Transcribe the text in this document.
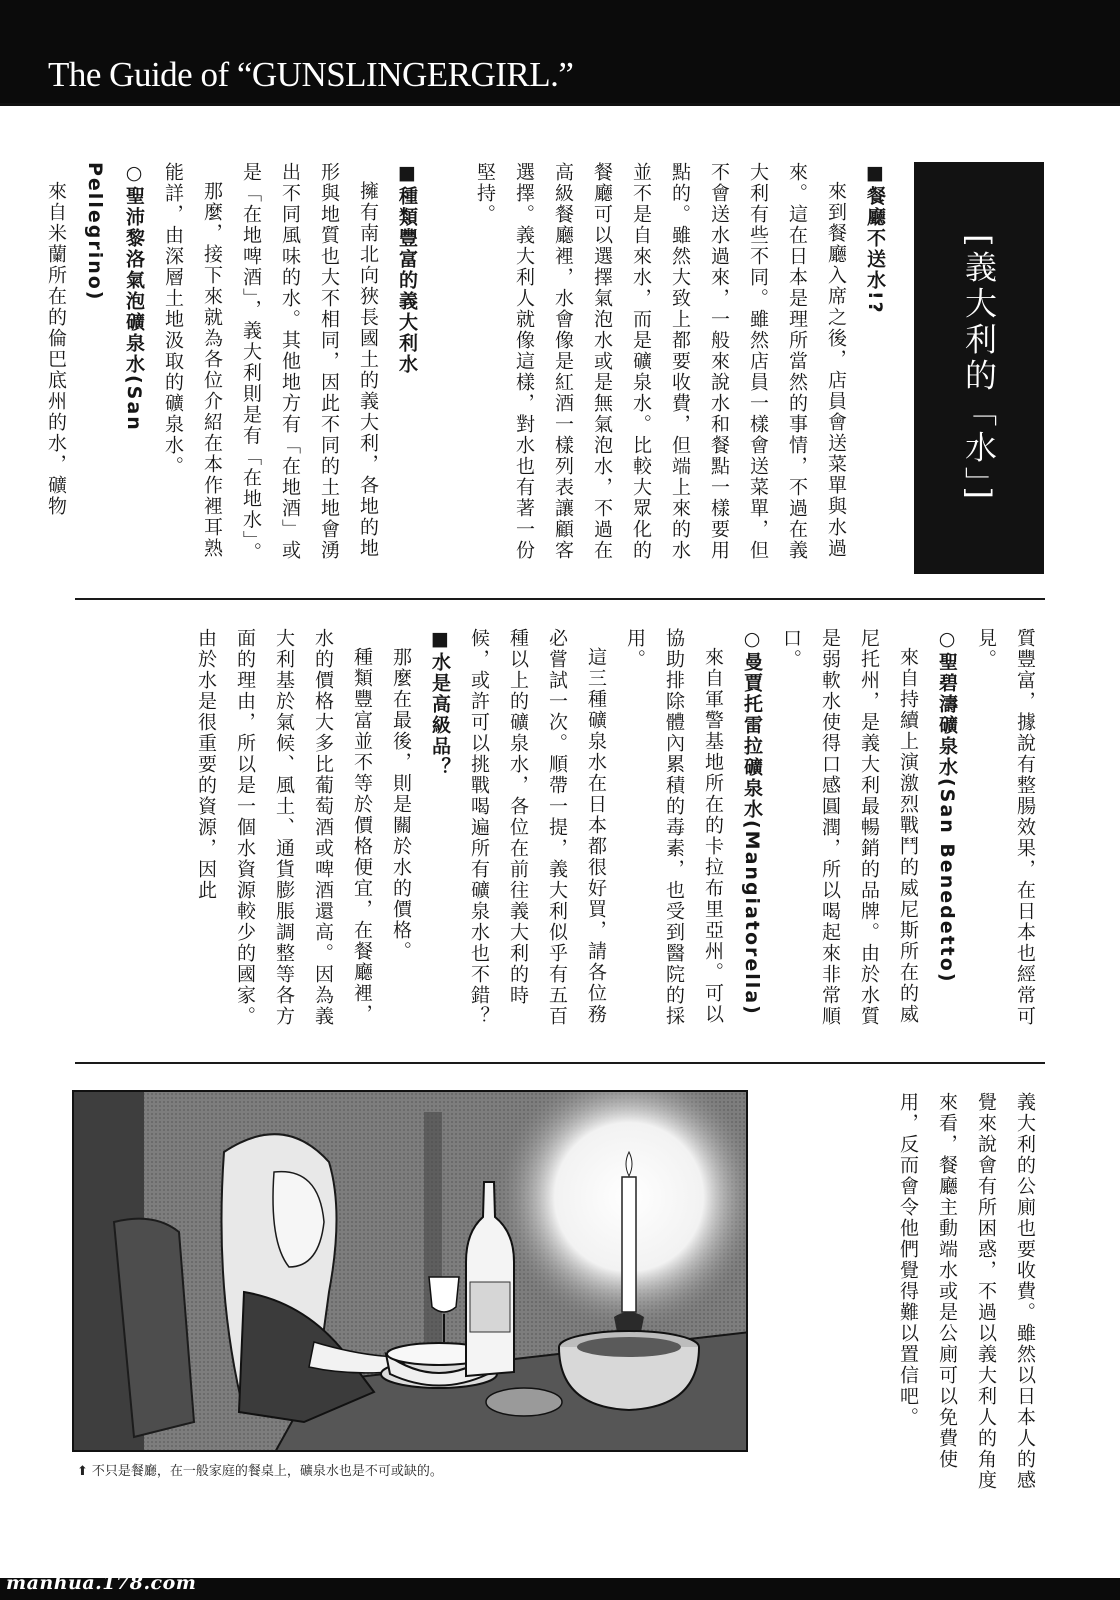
The Guide of “GUNSLINGERGIRL.”
[義大利的「水」]
■餐廳不送水!?
來到餐廳入席之後，店員會送菜單與水過來。這在日本是理所當然的事情，不過在義大利有些不同。雖然店員一樣會送菜單，但不會送水過來，一般來說水和餐點一樣要用點的。雖然大致上都要收費，但端上來的水並不是自來水，而是礦泉水。比較大眾化的餐廳可以選擇氣泡水或是無氣泡水，不過在高級餐廳裡，水會像是紅酒一樣列表讓顧客選擇。義大利人就像這樣，對水也有著一份堅持。

■種類豐富的義大利水
擁有南北向狹長國土的義大利，各地的地形與地質也大不相同，因此不同的土地會湧出不同風味的水。其他地方有「在地酒」或是「在地啤酒」，義大利則是有「在地水」。
那麼，接下來就為各位介紹在本作裡耳熟能詳，由深層土地汲取的礦泉水。
○聖沛黎洛氣泡礦泉水(San Pellegrino)
來自米蘭所在的倫巴底州的水，礦物
質豐富，據說有整腸效果，在日本也經常可見。
○聖碧濤礦泉水(San Benedetto)
來自持續上演激烈戰鬥的威尼斯所在的威尼托州，是義大利最暢銷的品牌。由於水質是弱軟水使得口感圓潤，所以喝起來非常順口。
○曼賈托雷拉礦泉水(Mangiatorella)
來自軍警基地所在的卡拉布里亞州。可以協助排除體內累積的毒素，也受到醫院的採用。
這三種礦泉水在日本都很好買，請各位務必嘗試一次。順帶一提，義大利似乎有五百種以上的礦泉水，各位在前往義大利的時候，或許可以挑戰喝遍所有礦泉水也不錯？
■水是高級品？
那麼在最後，則是關於水的價格。
種類豐富並不等於價格便宜，在餐廳裡，水的價格大多比葡萄酒或啤酒還高。因為義大利基於氣候、風土、通貨膨脹調整等各方面的理由，所以是一個水資源較少的國家。由於水是很重要的資源，因此
義大利的公廁也要收費。雖然以日本人的感覺來說會有所困惑，不過以義大利人的角度來看，餐廳主動端水或是公廁可以免費使用，反而會令他們覺得難以置信吧。
⬆ 不只是餐廳，在一般家庭的餐桌上，礦泉水也是不可或缺的。
manhua.178.com
